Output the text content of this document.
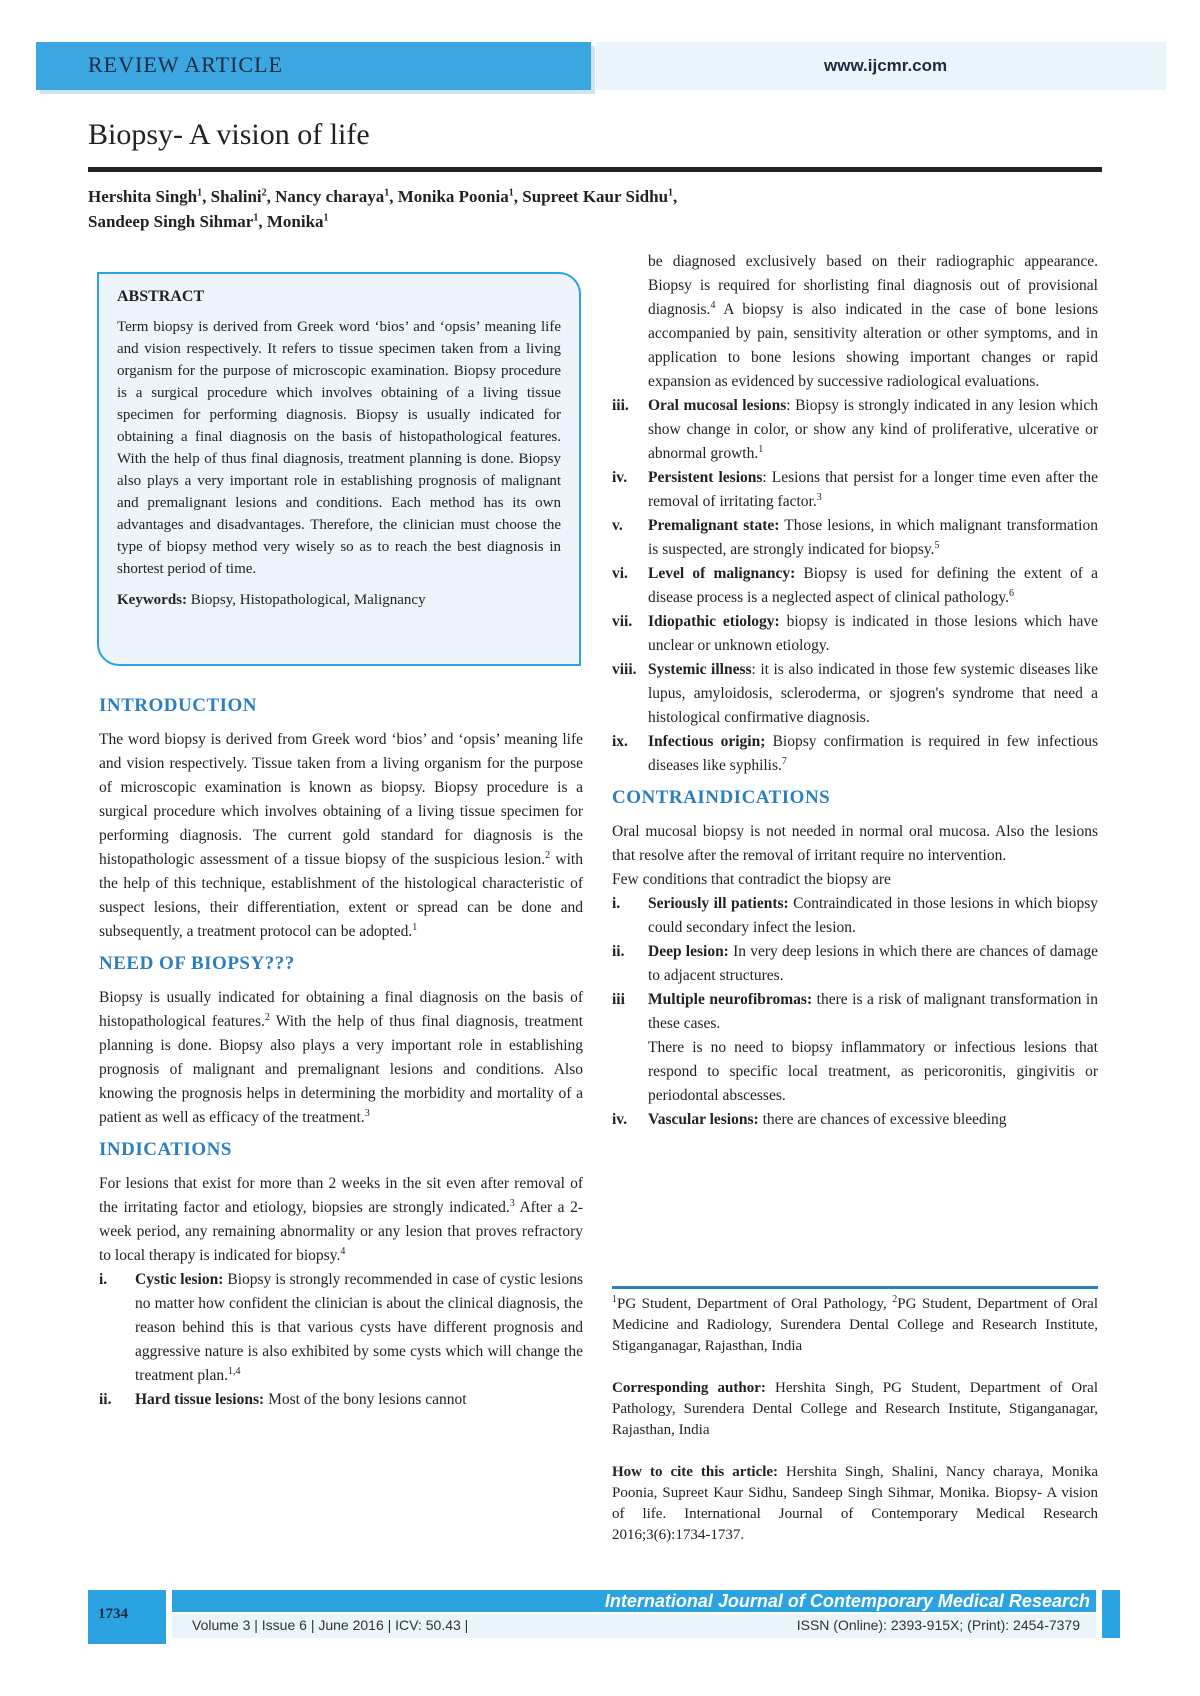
REVIEW ARTICLE	www.ijcmr.com
Biopsy- A vision of life
Hershita Singh$^1$, Shalini$^2$, Nancy charaya$^1$, Monika Poonia$^1$, Supreet Kaur Sidhu$^1$,
Sandeep Singh Sihmar$^1$, Monika$^1$
ABSTRACT

Term biopsy is derived from Greek word ‘bios’ and ‘opsis’ meaning life and vision respectively. It refers to tissue specimen taken from a living organism for the purpose of microscopic examination. Biopsy procedure is a surgical procedure which involves obtaining of a living tissue specimen for performing diagnosis. Biopsy is usually indicated for obtaining a final diagnosis on the basis of histopathological features. With the help of thus final diagnosis, treatment planning is done. Biopsy also plays a very important role in establishing prognosis of malignant and premalignant lesions and conditions. Each method has its own advantages and disadvantages. Therefore, the clinician must choose the type of biopsy method very wisely so as to reach the best diagnosis in shortest period of time.

Keywords: Biopsy, Histopathological, Malignancy
INTRODUCTION

The word biopsy is derived from Greek word ‘bios’ and ‘opsis’ meaning life and vision respectively. Tissue taken from a living organism for the purpose of microscopic examination is known as biopsy. Biopsy procedure is a surgical procedure which involves obtaining of a living tissue specimen for performing diagnosis. The current gold standard for diagnosis is the histopathologic assessment of a tissue biopsy of the suspicious lesion.$^2$ with the help of this technique, establishment of the histological characteristic of suspect lesions, their differentiation, extent or spread can be done and subsequently, a treatment protocol can be adopted.$^1$

NEED OF BIOPSY???

Biopsy is usually indicated for obtaining a final diagnosis on the basis of histopathological features.$^2$ With the help of thus final diagnosis, treatment planning is done. Biopsy also plays a very important role in establishing prognosis of malignant and premalignant lesions and conditions. Also knowing the prognosis helps in determining the morbidity and mortality of a patient as well as efficacy of the treatment.$^3$

INDICATIONS

For lesions that exist for more than 2 weeks in the sit even after removal of the irritating factor and etiology, biopsies are strongly indicated.$^3$ After a 2- week period, any remaining abnormality or any lesion that proves refractory to local therapy is indicated for biopsy.$^4$

i.	Cystic lesion: Biopsy is strongly recommended in case of cystic lesions no matter how confident the clinician is about the clinical diagnosis, the reason behind this is that various cysts have different prognosis and aggressive nature is also exhibited by some cysts which will change the treatment plan.$^{1,4}$
ii.	Hard tissue lesions: Most of the bony lesions cannot
be diagnosed exclusively based on their radiographic appearance. Biopsy is required for shorlisting final diagnosis out of provisional diagnosis.$^4$ A biopsy is also indicated in the case of bone lesions accompanied by pain, sensitivity alteration or other symptoms, and in application to bone lesions showing important changes or rapid expansion as evidenced by successive radiological evaluations.
iii.	Oral mucosal lesions: Biopsy is strongly indicated in any lesion which show change in color, or show any kind of proliferative, ulcerative or abnormal growth.$^1$
iv.	Persistent lesions: Lesions that persist for a longer time even after the removal of irritating factor.$^3$
v.	Premalignant state: Those lesions, in which malignant transformation is suspected, are strongly indicated for biopsy.$^5$
vi.	Level of malignancy: Biopsy is used for defining the extent of a disease process is a neglected aspect of clinical pathology.$^6$
vii.	Idiopathic etiology: biopsy is indicated in those lesions which have unclear or unknown etiology.
viii. Systemic illness: it is also indicated in those few systemic diseases like lupus, amyloidosis, scleroderma, or sjogren's syndrome that need a histological confirmative diagnosis.
ix.	Infectious origin; Biopsy confirmation is required in few infectious diseases like syphilis.$^7$
CONTRAINDICATIONS

Oral mucosal biopsy is not needed in normal oral mucosa. Also the lesions that resolve after the removal of irritant require no intervention.

Few conditions that contradict the biopsy are

i.	Seriously ill patients: Contraindicated in those lesions in which biopsy could secondary infect the lesion.
ii.	Deep lesion: In very deep lesions in which there are chances of damage to adjacent structures.
iii	Multiple neurofibromas: there is a risk of malignant transformation in these cases.
There is no need to biopsy inflammatory or infectious lesions that respond to specific local treatment, as pericoronitis, gingivitis or periodontal abscesses.
iv.	Vascular lesions: there are chances of excessive bleeding
$^1$PG Student, Department of Oral Pathology, $^2$PG Student, Department of Oral Medicine and Radiology, Surendera Dental College and Research Institute, Stiganganagar, Rajasthan, India
Corresponding author: Hershita Singh, PG Student, Department of Oral Pathology, Surendera Dental College and Research Institute, Stiganganagar, Rajasthan, India
How to cite this article: Hershita Singh, Shalini, Nancy charaya, Monika Poonia, Supreet Kaur Sidhu, Sandeep Singh Sihmar, Monika. Biopsy- A vision of life. International Journal of Contemporary Medical Research 2016;3(6):1734-1737.
1734
International Journal of Contemporary Medical Research
Volume 3 | Issue 6 | June 2016 | ICV: 50.43 |	ISSN (Online): 2393-915X; (Print): 2454-7379
